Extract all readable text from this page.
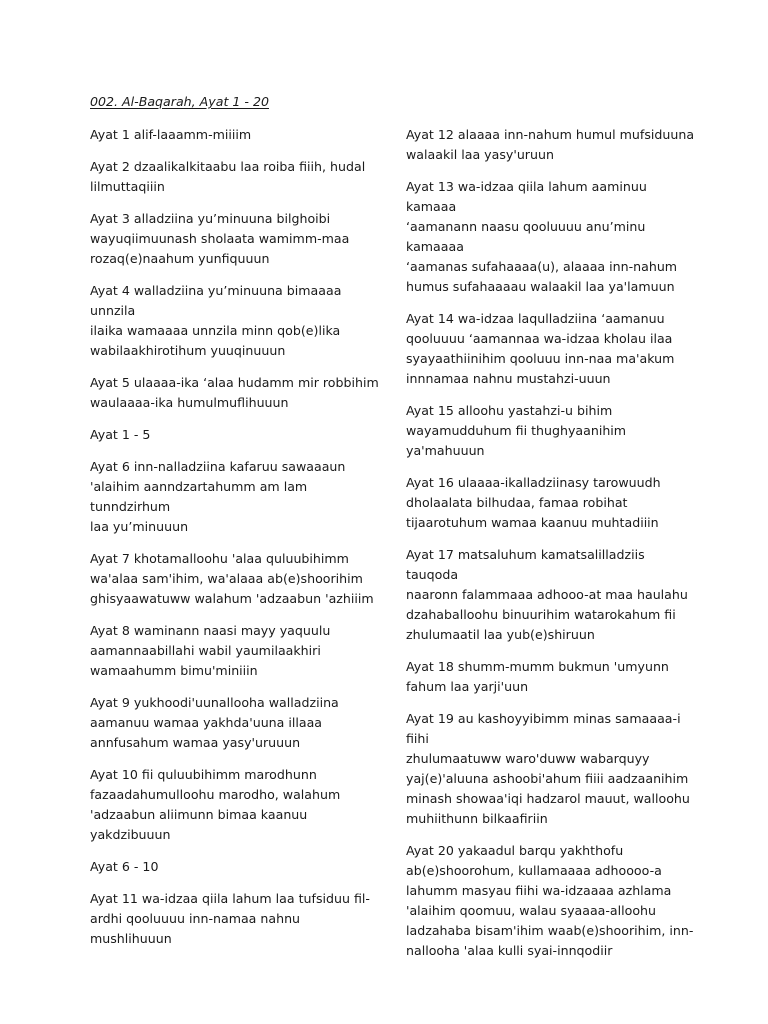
002. Al-Baqarah, Ayat 1 - 20

Ayat 1 alif-laaamm-miiiim

Ayat 2 dzaalikalkitaabu laa roiba fiiih, hudal
lilmuttaqiiin

Ayat 3 alladziina yu’minuuna bilghoibi
wayuqiimuunash sholaata wamimm-maa
rozaq(e)naahum yunfiquuun

Ayat 4 walladziina yu’minuuna bimaaaa unnzila
ilaika wamaaaa unnzila minn qob(e)lika
wabilaakhirotihum yuuqinuuun

Ayat 5 ulaaaa-ika ‘alaa hudamm mir robbihim
waulaaaa-ika humulmuflihuuun

Ayat 1 - 5

Ayat 6 inn-nalladziina kafaruu sawaaaun
'alaihim aanndzartahumm am lam tunndzirhum
laa yu’minuuun

Ayat 7 khotamalloohu 'alaa quluubihimm
wa'alaa sam'ihim, wa'alaaa ab(e)shoorihim
ghisyaawatuww walahum 'adzaabun 'azhiiim

Ayat 8 waminann naasi mayy yaquulu
aamannaabillahi wabil yaumilaakhiri
wamaahumm bimu'miniiin

Ayat 9 yukhoodi'uunallooha walladziina
aamanuu wamaa yakhda'uuna illaaa
annfusahum wamaa yasy'uruuun

Ayat 10 fii quluubihimm marodhunn
fazaadahumulloohu marodho, walahum
'adzaabun aliimunn bimaa kaanuu yakdzibuuun

Ayat 6 - 10

Ayat 11 wa-idzaa qiila lahum laa tufsiduu fil-
ardhi qooluuuu inn-namaa nahnu mushlihuuun

Ayat 12 alaaaa inn-nahum humul mufsiduuna
walaakil laa yasy'uruun

Ayat 13 wa-idzaa qiila lahum aaminuu kamaaa
‘aamanann naasu qooluuuu anu’minu kamaaaa
‘aamanas sufahaaaa(u), alaaaa inn-nahum
humus sufahaaaau walaakil laa ya'lamuun

Ayat 14 wa-idzaa laqulladziina ‘aamanuu
qooluuuu ‘aamannaa wa-idzaa kholau ilaa
syayaathiinihim qooluuu inn-naa ma'akum
innnamaa nahnu mustahzi-uuun

Ayat 15 alloohu yastahzi-u bihim
wayamudduhum fii thughyaanihim ya'mahuuun

Ayat 16 ulaaaa-ikalladziinasy tarowuudh
dholaalata bilhudaa, famaa robihat
tijaarotuhum wamaa kaanuu muhtadiiin

Ayat 17 matsaluhum kamatsalilladziis tauqoda
naaronn falammaaa adhooo-at maa haulahu
dzahaballoohu binuurihim watarokahum fii
zhulumaatil laa yub(e)shiruun

Ayat 18 shumm-mumm bukmun 'umyunn
fahum laa yarji'uun

Ayat 19 au kashoyyibimm minas samaaaa-i fiihi
zhulumaatuww waro'duww wabarquyy
yaj(e)'aluuna ashoobi'ahum fiiii aadzaanihim
minash showaa'iqi hadzarol mauut, walloohu
muhiithunn bilkaafiriin

Ayat 20 yakaadul barqu yakhthofu
ab(e)shoorohum, kullamaaaa adhoooo-a
lahumm masyau fiihi wa-idzaaaa azhlama
'alaihim qoomuu, walau syaaaa-alloohu
ladzahaba bisam'ihim waab(e)shoorihim, inn-
nallooha 'alaa kulli syai-innqodiir
